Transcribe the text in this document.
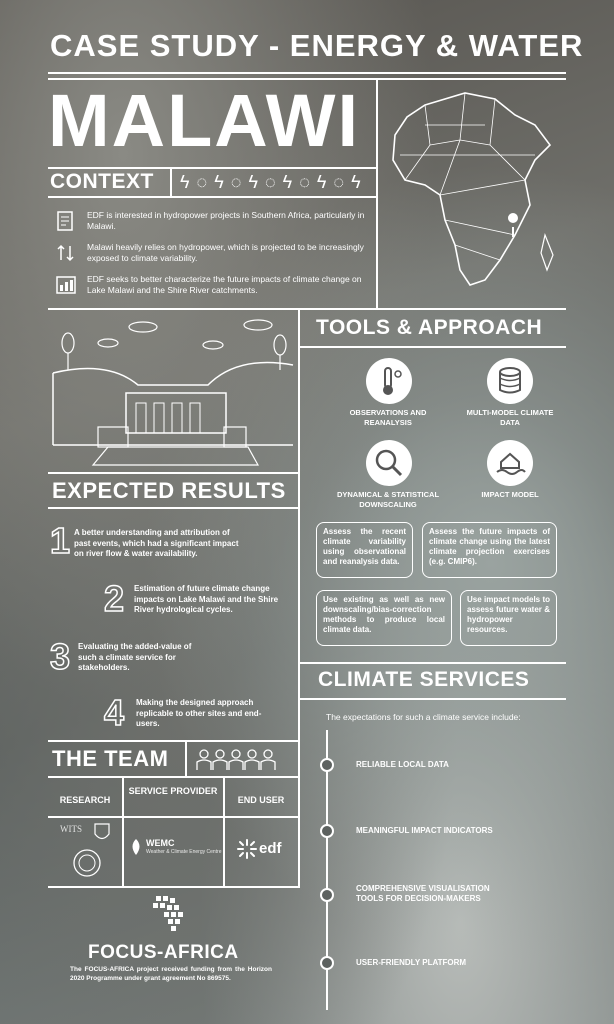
CASE STUDY - ENERGY & WATER
MALAWI
CONTEXT ϟ◌ϟ◌ϟ◌ϟ◌ϟ◌ϟ
EDF is interested in hydropower projects in Southern Africa, particularly in Malawi.
Malawi heavily relies on hydropower, which is projected to be increasingly exposed to climate variability.
EDF seeks to better characterize the future impacts of climate change on Lake Malawi and the Shire River catchments.
EXPECTED RESULTS
1 A better understanding and attribution of past events, which had a significant impact on river flow & water availability.
2 Estimation of future climate change impacts on Lake Malawi and the Shire River hydrological cycles.
3 Evaluating the added-value of such a climate service for stakeholders.
4 Making the designed approach replicable to other sites and end-users.
THE TEAM
RESEARCH
SERVICE PROVIDER
END USER
WITS
WEMC
Weather & Climate Energy Centre	edf
FOCUS-AFRICA
The FOCUS-AFRICA project received funding from the Horizon 2020 Programme under grant agreement No 869575.
TOOLS & APPROACH
OBSERVATIONS AND REANALYSIS
MULTI-MODEL CLIMATE DATA
DYNAMICAL & STATISTICAL DOWNSCALING
IMPACT MODEL
Assess the recent climate variability using observational and reanalysis data.
Assess the future impacts of climate change using the latest climate projection exercises (e.g. CMIP6).
Use existing as well as new downscaling/bias-correction methods to produce local climate data.
Use impact models to assess future water & hydropower resources.
CLIMATE SERVICES
The expectations for such a climate service include:
RELIABLE LOCAL DATA
MEANINGFUL IMPACT INDICATORS
COMPREHENSIVE VISUALISATION TOOLS FOR DECISION-MAKERS
USER-FRIENDLY PLATFORM
